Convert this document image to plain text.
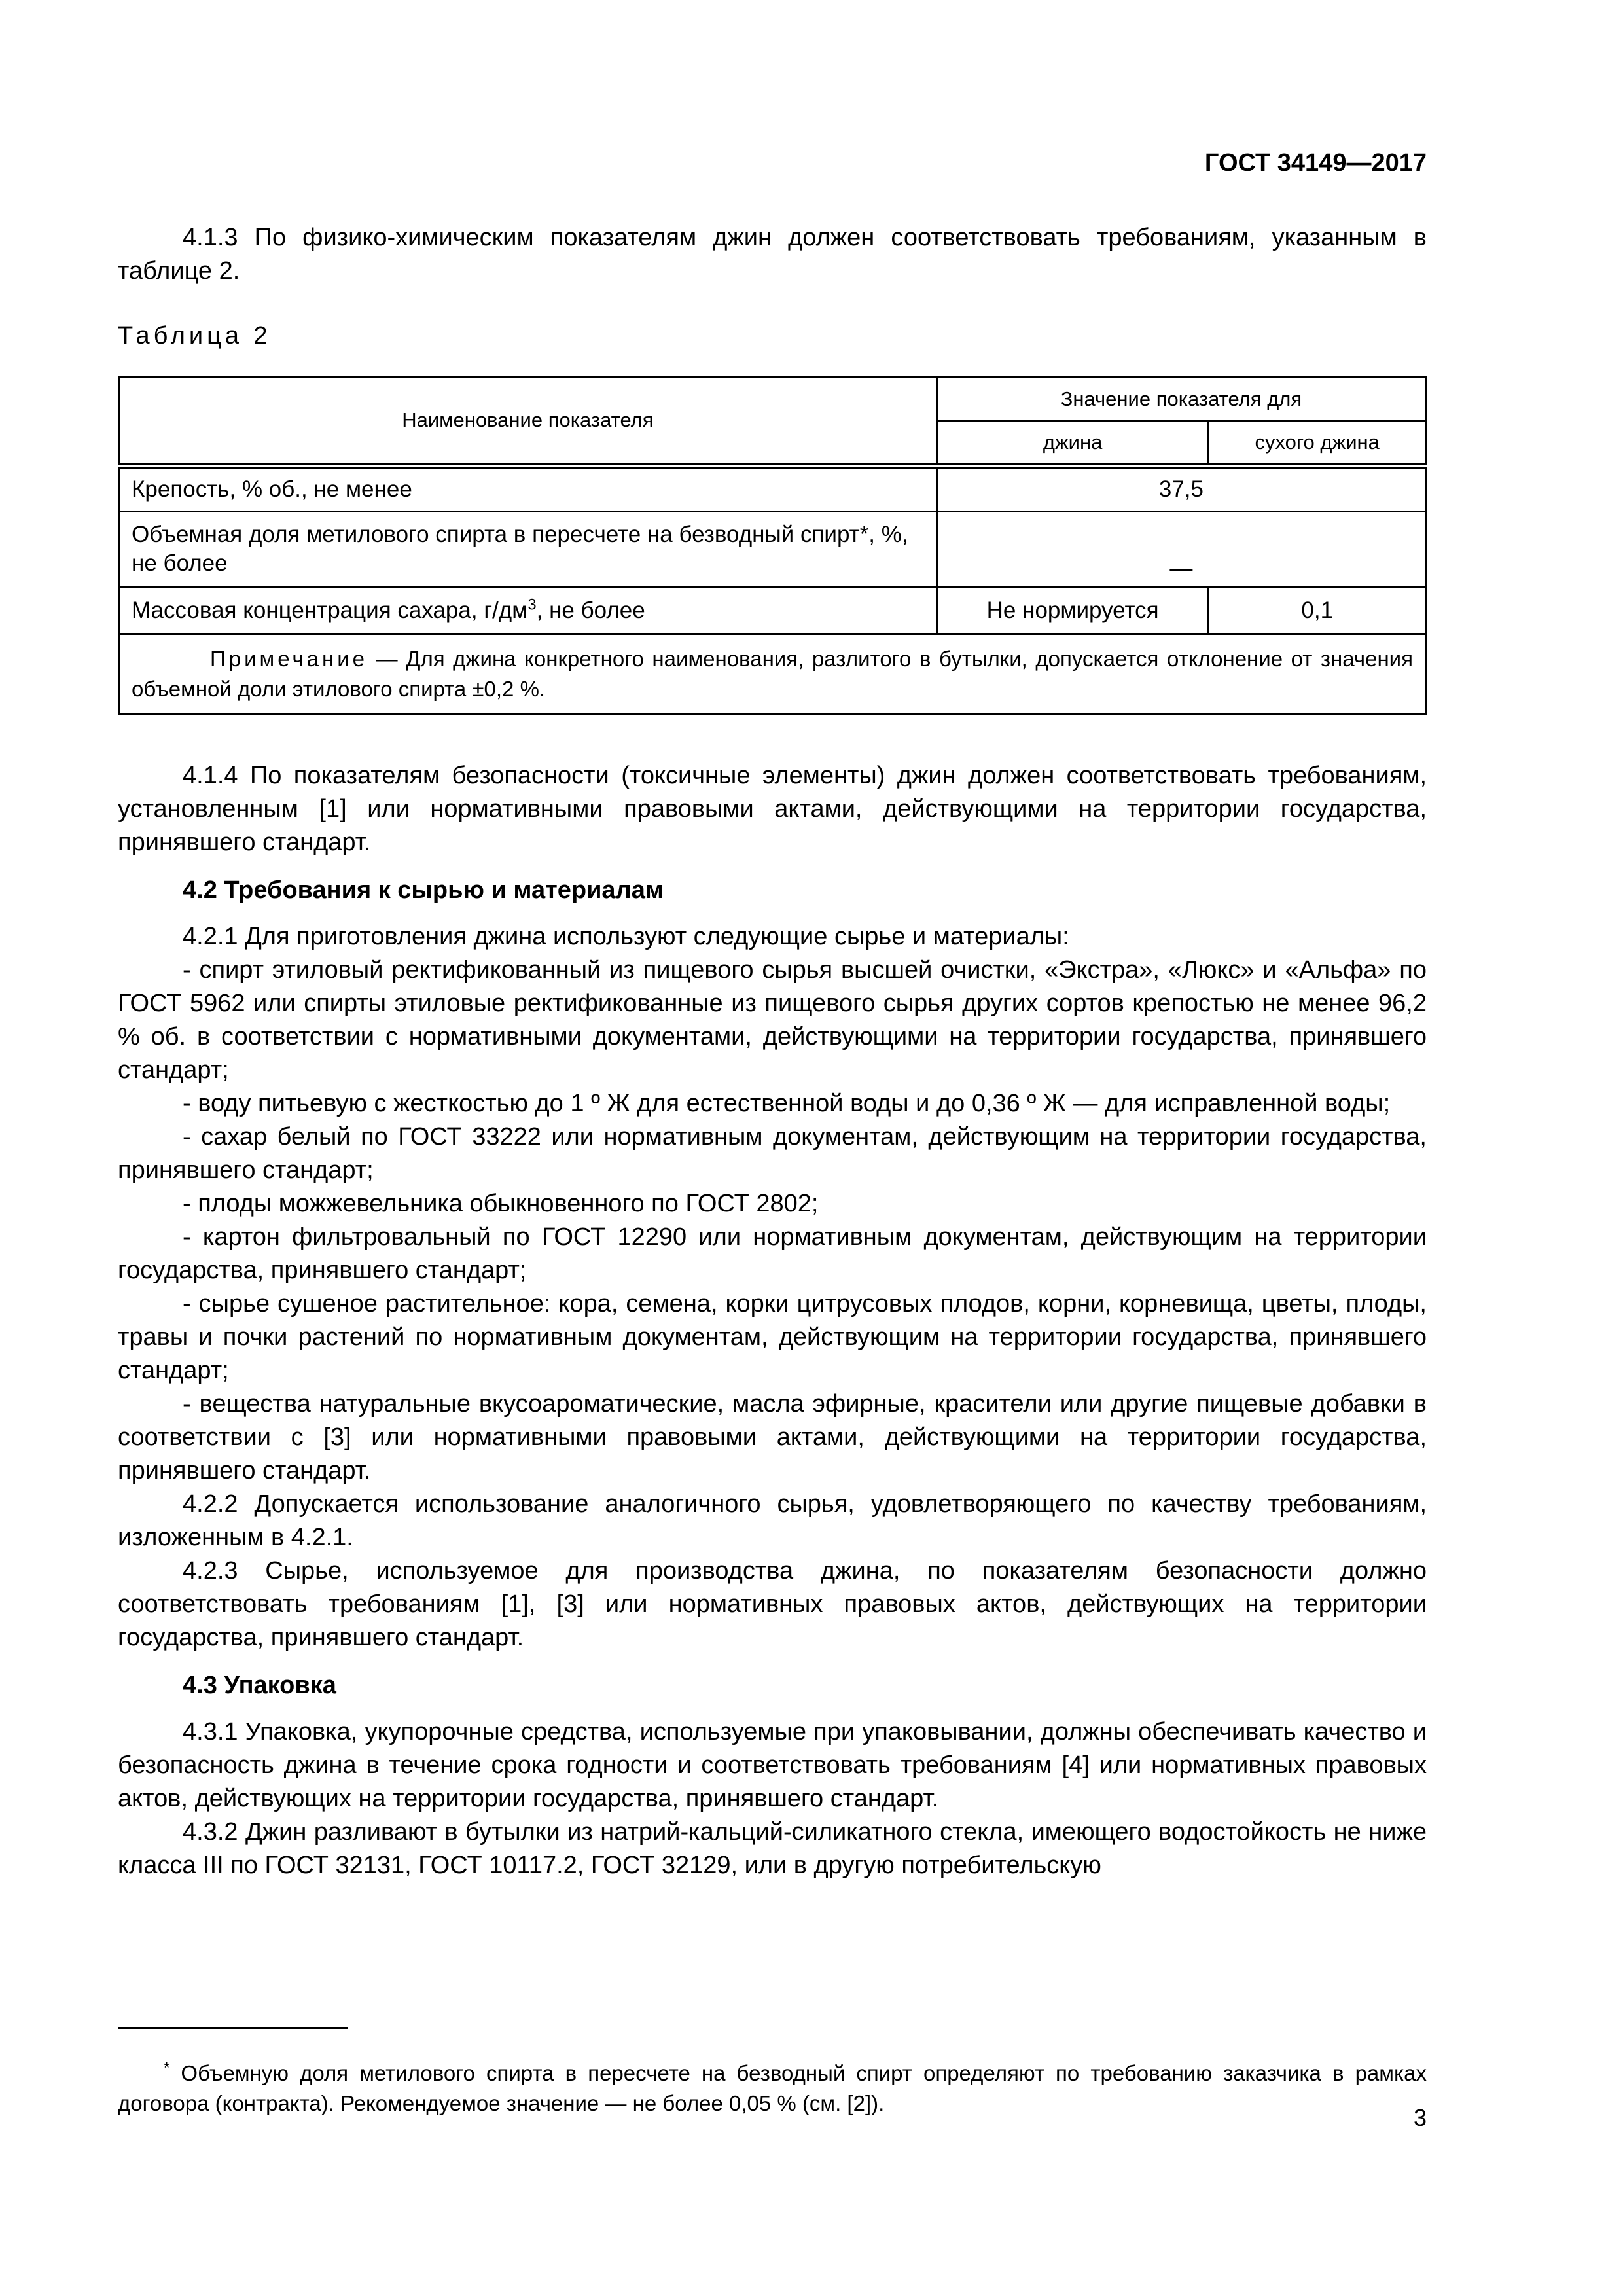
ГОСТ 34149—2017

4.1.3 По физико-химическим показателям джин должен соответствовать требованиям, указанным в таблице 2.

Таблица 2
Наименование показателя	Значение показателя для	
	джина	сухого джина
Крепость, % об., не менее	37,5	
Объемная доля метилового спирта в пересчете на безводный спирт*, %, не более	—	
Массовая концентрация сахара, $г/дм^3$, не более	Не нормируется	0,1
Примечание — Для джина конкретного наименования, разлитого в бутылки, допускается отклонение от значения объемной доли этилового спирта ±0,2 %.		

4.1.4 По показателям безопасности (токсичные элементы) джин должен соответствовать требованиям, установленным [1] или нормативными правовыми актами, действующими на территории государства, принявшего стандарт.

4.2 Требования к сырью и материалам

4.2.1 Для приготовления джина используют следующие сырье и материалы:

- спирт этиловый ректификованный из пищевого сырья высшей очистки, «Экстра», «Люкс» и «Альфа» по ГОСТ 5962 или спирты этиловые ректификованные из пищевого сырья других сортов крепостью не менее 96,2 % об. в соответствии с нормативными документами, действующими на территории государства, принявшего стандарт;

- воду питьевую с жесткостью до 1 º Ж для естественной воды и до 0,36 º Ж — для исправленной воды;

- сахар белый по ГОСТ 33222 или нормативным документам, действующим на территории государства, принявшего стандарт;

- плоды можжевельника обыкновенного по ГОСТ 2802;

- картон фильтровальный по ГОСТ 12290 или нормативным документам, действующим на территории государства, принявшего стандарт;

- сырье сушеное растительное: кора, семена, корки цитрусовых плодов, корни, корневища, цветы, плоды, травы и почки растений по нормативным документам, действующим на территории государства, принявшего стандарт;

- вещества натуральные вкусоароматические, масла эфирные, красители или другие пищевые добавки в соответствии с [3] или нормативными правовыми актами, действующими на территории государства, принявшего стандарт.

4.2.2 Допускается использование аналогичного сырья, удовлетворяющего по качеству требованиям, изложенным в 4.2.1.

4.2.3 Сырье, используемое для производства джина, по показателям безопасности должно соответствовать требованиям [1], [3] или нормативных правовых актов, действующих на территории государства, принявшего стандарт.

4.3 Упаковка

4.3.1 Упаковка, укупорочные средства, используемые при упаковывании, должны обеспечивать качество и безопасность джина в течение срока годности и соответствовать требованиям [4] или нормативных правовых актов, действующих на территории государства, принявшего стандарт.

4.3.2 Джин разливают в бутылки из натрий-кальций-силикатного стекла, имеющего водостойкость не ниже класса III по ГОСТ 32131, ГОСТ 10117.2, ГОСТ 32129, или в другую потребительскую

* Объемную доля метилового спирта в пересчете на безводный спирт определяют по требованию заказчика в рамках договора (контракта). Рекомендуемое значение — не более 0,05 % (см. [2]).

3
